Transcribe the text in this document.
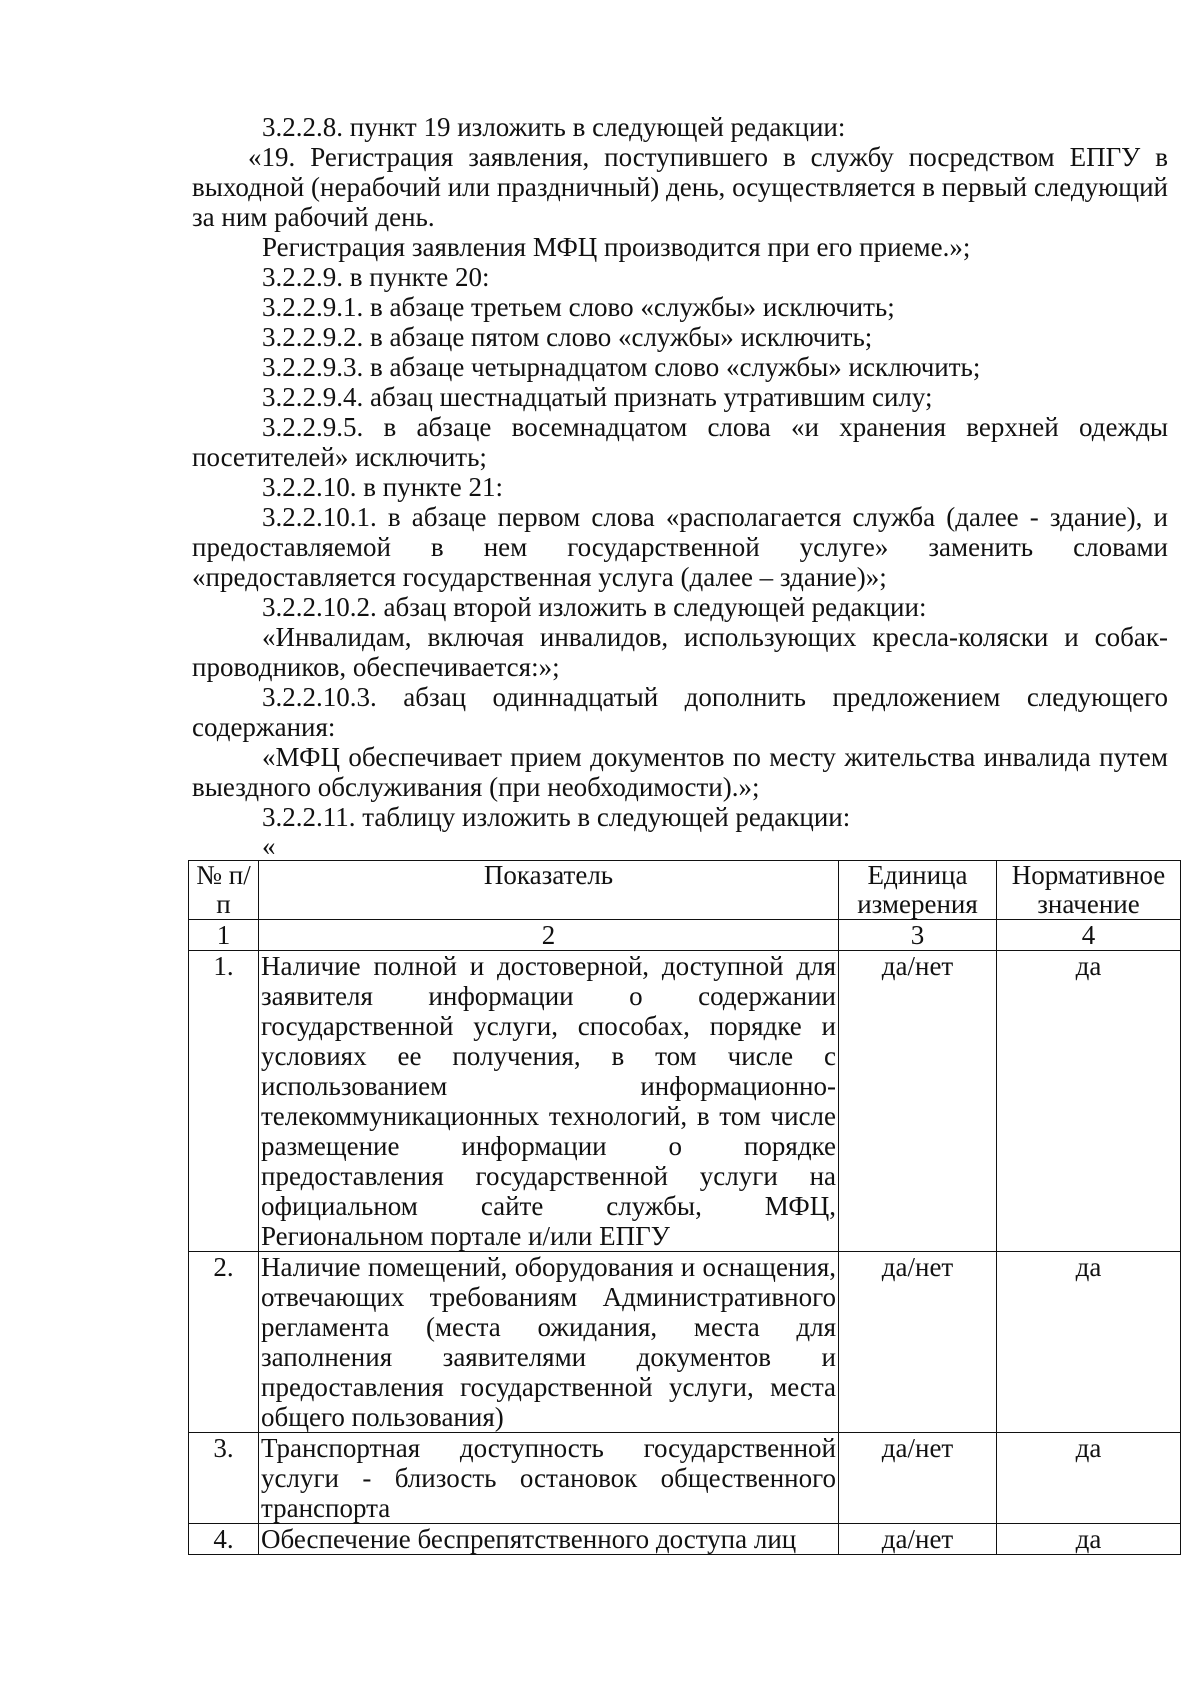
3.2.2.8. пункт 19 изложить в следующей редакции:

«19. Регистрация заявления, поступившего в службу посредством ЕПГУ в выходной (нерабочий или праздничный) день, осуществляется в первый следующий за ним рабочий день.

Регистрация заявления МФЦ производится при его приеме.»;

3.2.2.9. в пункте 20:

3.2.2.9.1. в абзаце третьем слово «службы» исключить;

3.2.2.9.2. в абзаце пятом слово «службы» исключить;

3.2.2.9.3. в абзаце четырнадцатом слово «службы» исключить;

3.2.2.9.4. абзац шестнадцатый признать утратившим силу;

3.2.2.9.5. в абзаце восемнадцатом слова «и хранения верхней одежды посетителей» исключить;

3.2.2.10. в пункте 21:

3.2.2.10.1. в абзаце первом слова «располагается служба (далее - здание), и предоставляемой в нем государственной услуге» заменить словами «предоставляется государственная услуга (далее – здание)»;

3.2.2.10.2. абзац второй изложить в следующей редакции:

«Инвалидам, включая инвалидов, использующих кресла-коляски и собак-проводников, обеспечивается:»;

3.2.2.10.3. абзац одиннадцатый дополнить предложением следующего содержания:

«МФЦ обеспечивает прием документов по месту жительства инвалида путем выездного обслуживания (при необходимости).»;

3.2.2.11. таблицу изложить в следующей редакции:

«

№ п/п	Показатель	Единица измерения	Нормативное значение
1	2	3	4
1.	Наличие полной и достоверной, доступной для заявителя информации о содержании государственной услуги, способах, порядке и условиях ее получения, в том числе с использованием информационно-телекоммуникационных технологий, в том числе размещение информации о порядке предоставления государственной услуги на официальном сайте службы, МФЦ, Региональном портале и/или ЕПГУ	да/нет	да
2.	Наличие помещений, оборудования и оснащения, отвечающих требованиям Административного регламента (места ожидания, места для заполнения заявителями документов и предоставления государственной услуги, места общего пользования)	да/нет	да
3.	Транспортная доступность государственной услуги - близость остановок общественного транспорта	да/нет	да
4.	Обеспечение беспрепятственного доступа лиц	да/нет	да
